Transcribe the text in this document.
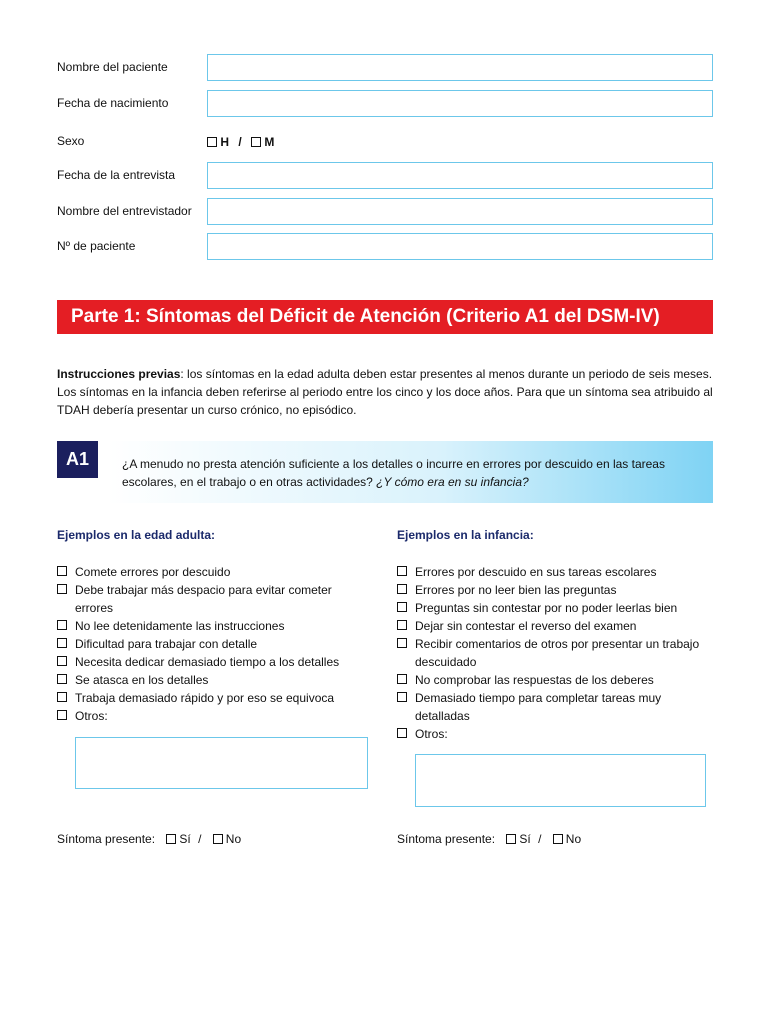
Nombre del paciente
Fecha de nacimiento
Sexo	H / M
Fecha de la entrevista
Nombre del entrevistador
Nº de paciente
Parte 1: Síntomas del Déficit de Atención (Criterio A1 del DSM-IV)

Instrucciones previas: los síntomas en la edad adulta deben estar presentes al menos durante un periodo de seis meses. Los síntomas en la infancia deben referirse al periodo entre los cinco y los doce años. Para que un síntoma sea atribuido al TDAH debería presentar un curso crónico, no episódico.

A1	¿A menudo no presta atención suficiente a los detalles o incurre en errores por descuido en las tareas escolares, en el trabajo o en otras actividades? ¿Y cómo era en su infancia?
Ejemplos en la edad adulta:
Comete errores por descuido
Debe trabajar más despacio para evitar cometer errores
No lee detenidamente las instrucciones
Dificultad para trabajar con detalle
Necesita dedicar demasiado tiempo a los detalles
Se atasca en los detalles
Trabaja demasiado rápido y por eso se equivoca
Otros:
Síntoma presente: Sí / No
Ejemplos en la infancia:
Errores por descuido en sus tareas escolares
Errores por no leer bien las preguntas
Preguntas sin contestar por no poder leerlas bien
Dejar sin contestar el reverso del examen
Recibir comentarios de otros por presentar un trabajo descuidado
No comprobar las respuestas de los deberes
Demasiado tiempo para completar tareas muy detalladas
Otros:
Síntoma presente: Sí / No
